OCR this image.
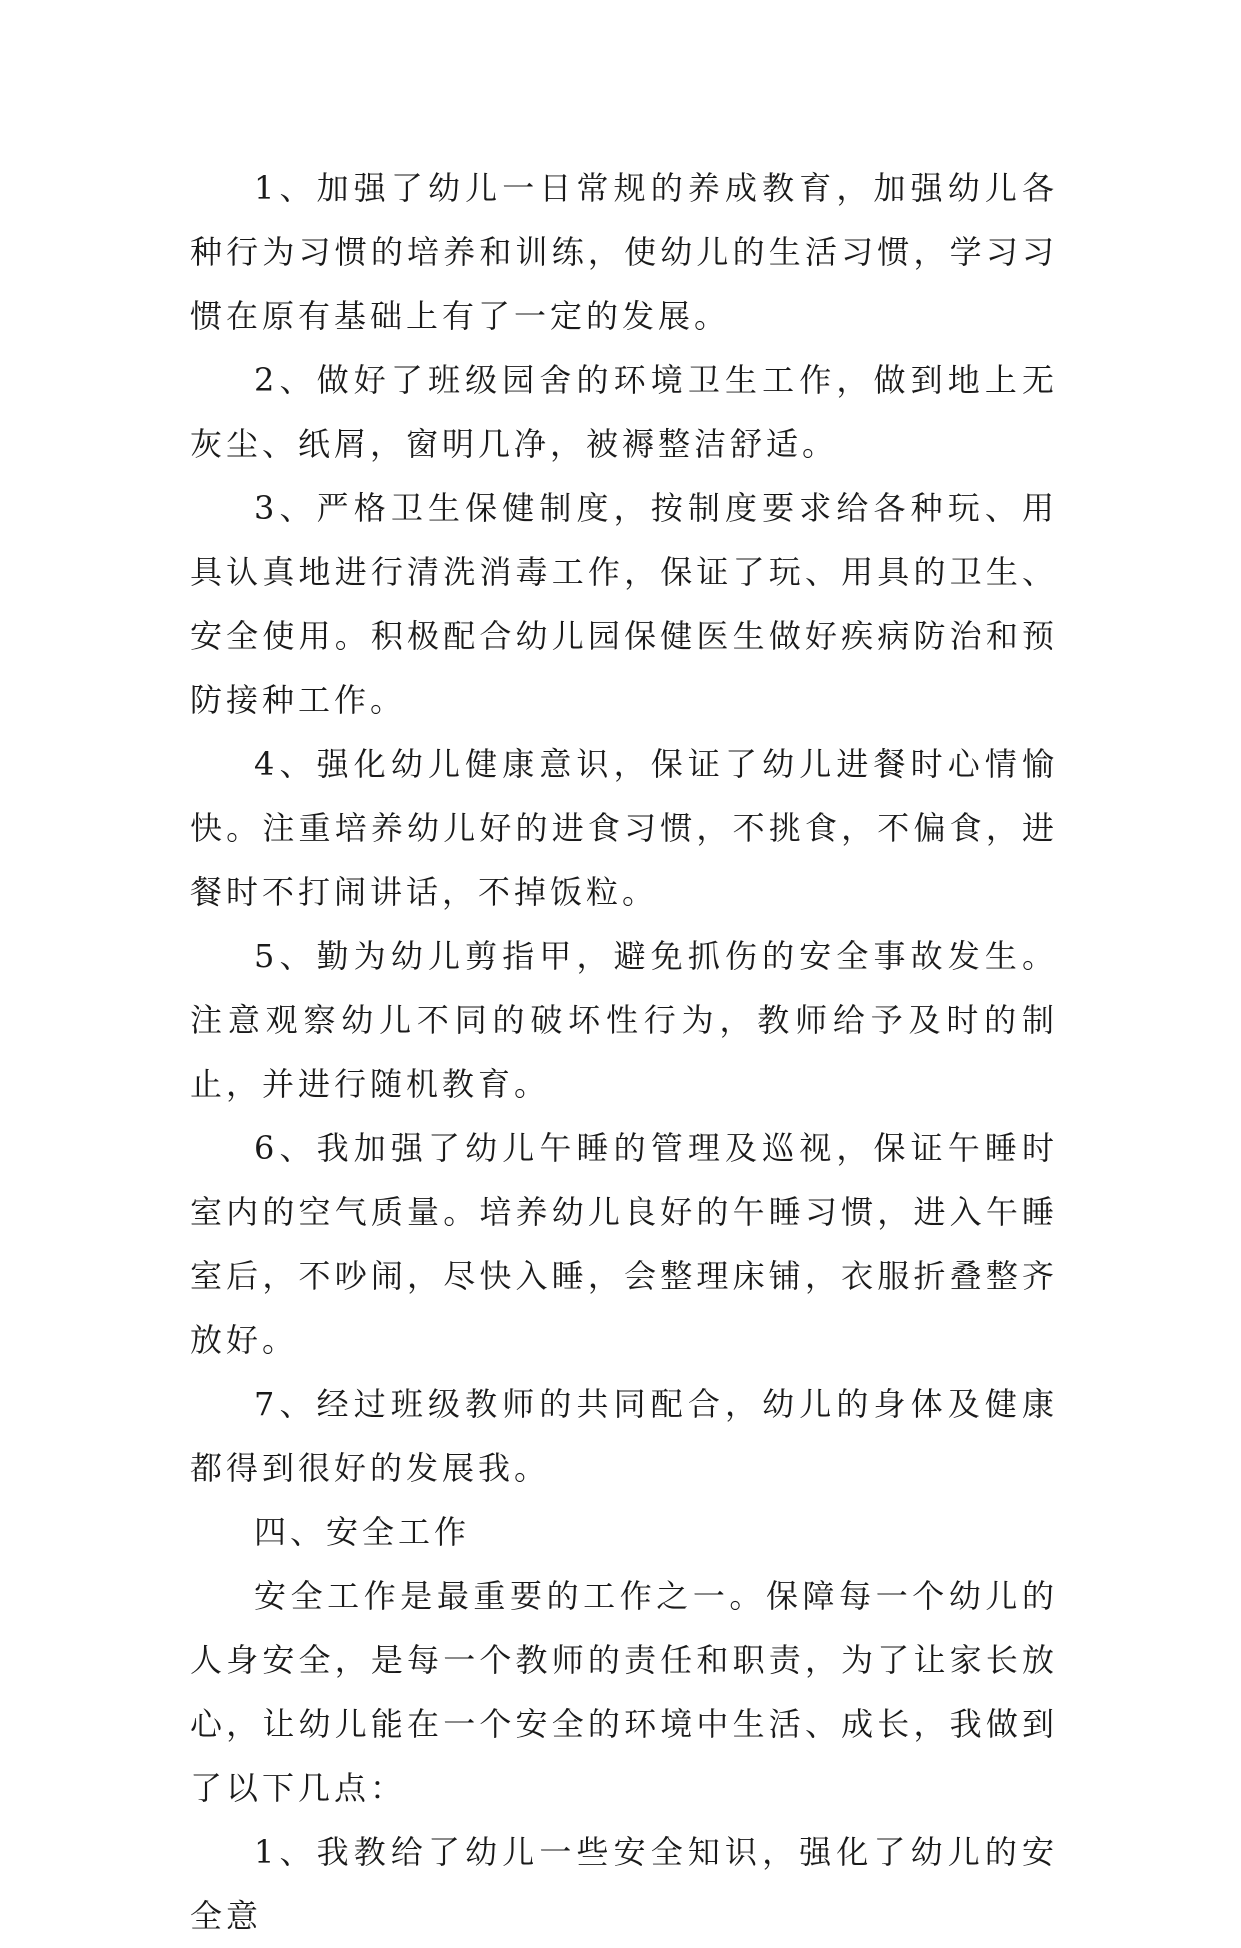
1、加强了幼儿一日常规的养成教育，加强幼儿各种行为习惯的培养和训练，使幼儿的生活习惯，学习习惯在原有基础上有了一定的发展。

2、做好了班级园舍的环境卫生工作，做到地上无灰尘、纸屑，窗明几净，被褥整洁舒适。

3、严格卫生保健制度，按制度要求给各种玩、用具认真地进行清洗消毒工作，保证了玩、用具的卫生、安全使用。积极配合幼儿园保健医生做好疾病防治和预防接种工作。

4、强化幼儿健康意识，保证了幼儿进餐时心情愉快。注重培养幼儿好的进食习惯，不挑食，不偏食，进餐时不打闹讲话，不掉饭粒。

5、勤为幼儿剪指甲，避免抓伤的安全事故发生。注意观察幼儿不同的破坏性行为，教师给予及时的制止，并进行随机教育。

6、我加强了幼儿午睡的管理及巡视，保证午睡时室内的空气质量。培养幼儿良好的午睡习惯，进入午睡室后，不吵闹，尽快入睡，会整理床铺，衣服折叠整齐放好。

7、经过班级教师的共同配合，幼儿的身体及健康都得到很好的发展我。

四、安全工作

安全工作是最重要的工作之一。保障每一个幼儿的人身安全，是每一个教师的责任和职责，为了让家长放心，让幼儿能在一个安全的环境中生活、成长，我做到了以下几点：

1、我教给了幼儿一些安全知识，强化了幼儿的安全意
